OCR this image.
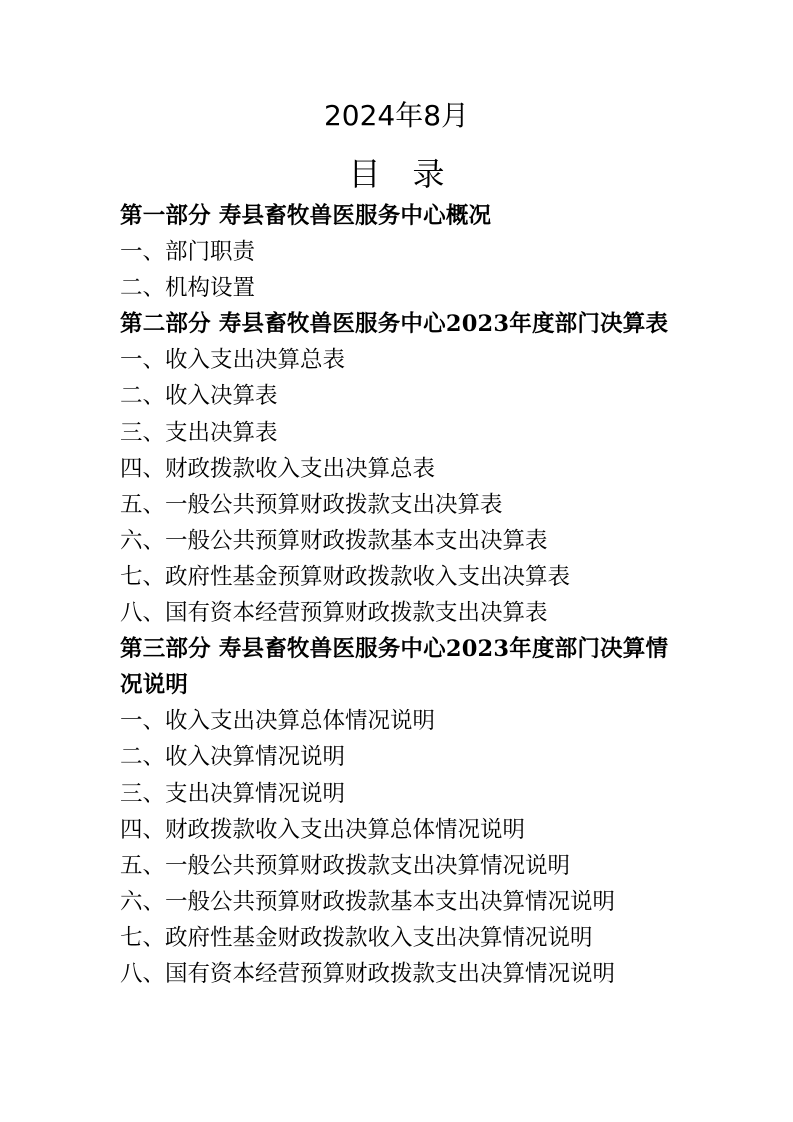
2024年8月
目　录
第一部分 寿县畜牧兽医服务中心概况
一、部门职责
二、机构设置
第二部分 寿县畜牧兽医服务中心2023年度部门决算表
一、收入支出决算总表
二、收入决算表
三、支出决算表
四、财政拨款收入支出决算总表
五、一般公共预算财政拨款支出决算表
六、一般公共预算财政拨款基本支出决算表
七、政府性基金预算财政拨款收入支出决算表
八、国有资本经营预算财政拨款支出决算表
第三部分 寿县畜牧兽医服务中心2023年度部门决算情况说明
一、收入支出决算总体情况说明
二、收入决算情况说明
三、支出决算情况说明
四、财政拨款收入支出决算总体情况说明
五、一般公共预算财政拨款支出决算情况说明
六、一般公共预算财政拨款基本支出决算情况说明
七、政府性基金财政拨款收入支出决算情况说明
八、国有资本经营预算财政拨款支出决算情况说明
